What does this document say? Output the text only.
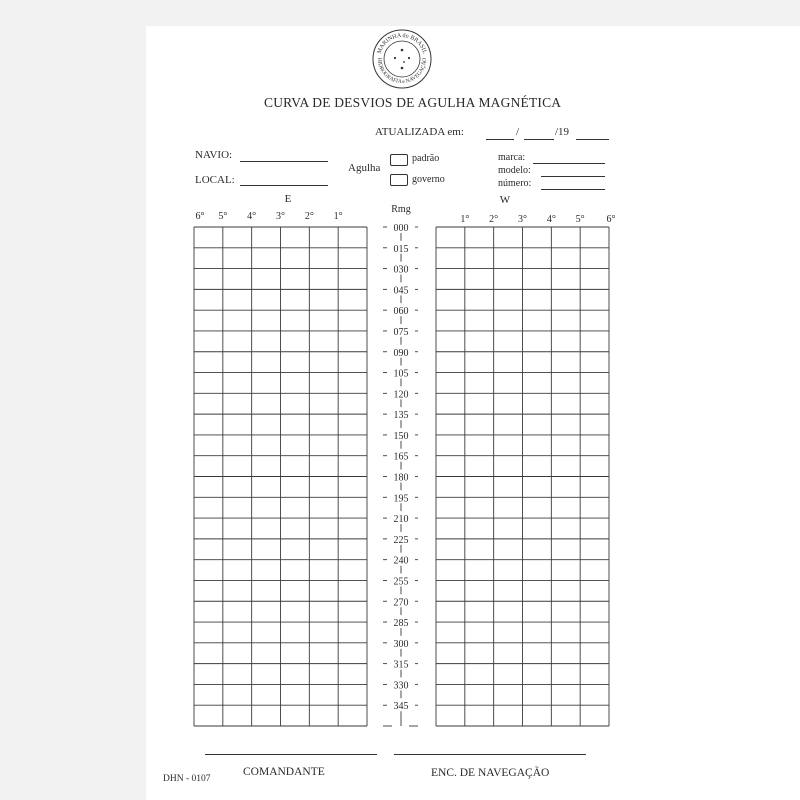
MARINHA do BRASIL
HIDROGRAFIA e NAVEGAÇÃO
CURVA DE DESVIOS DE AGULHA MAGNÉTICA
ATUALIZADA em:	/	/19
NAVIO:
LOCAL:
Agulha
padrão
governo
marca:
modelo:
número:
000
015
030
045
060
075
090
105
120
135
150
165
180
195
210
225
240
255
270
285
300
315
330
345
6° 5° 4° 3° 2° 1°	1° 2° 3° 4° 5° 6°
E	W
Rmg
COMANDANTE	ENC. DE NAVEGAÇÃO
DHN - 0107
